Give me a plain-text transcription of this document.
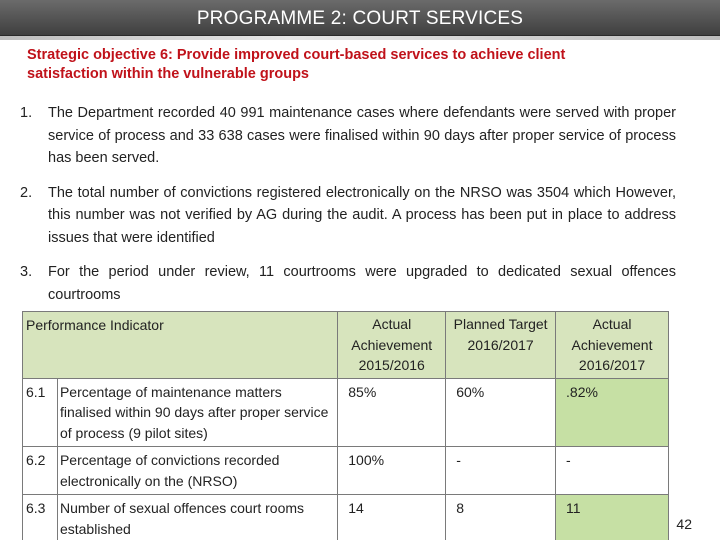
PROGRAMME 2: COURT SERVICES
Strategic objective 6: Provide improved court-based services to achieve client satisfaction within the vulnerable groups
1. The Department recorded 40 991 maintenance cases where defendants were served with proper service of process and 33 638 cases were finalised within 90 days after proper service of process has been served.
2. The total number of convictions registered electronically on the NRSO was 3504 which However, this number was not verified by AG during the audit. A process has been put in place to address issues that were identified
3. For the period under review, 11 courtrooms were upgraded to dedicated sexual offences courtrooms
Performance Indicator		Actual Achievement 2015/2016	Planned Target 2016/2017	Actual Achievement 2016/2017
6.1	Percentage of maintenance matters finalised within 90 days after proper service of process (9 pilot sites)	85%	60%	.82%
6.2	Percentage of convictions recorded electronically on the (NRSO)	100%	-	-
6.3	Number of sexual offences court rooms established	14	8	11
42
